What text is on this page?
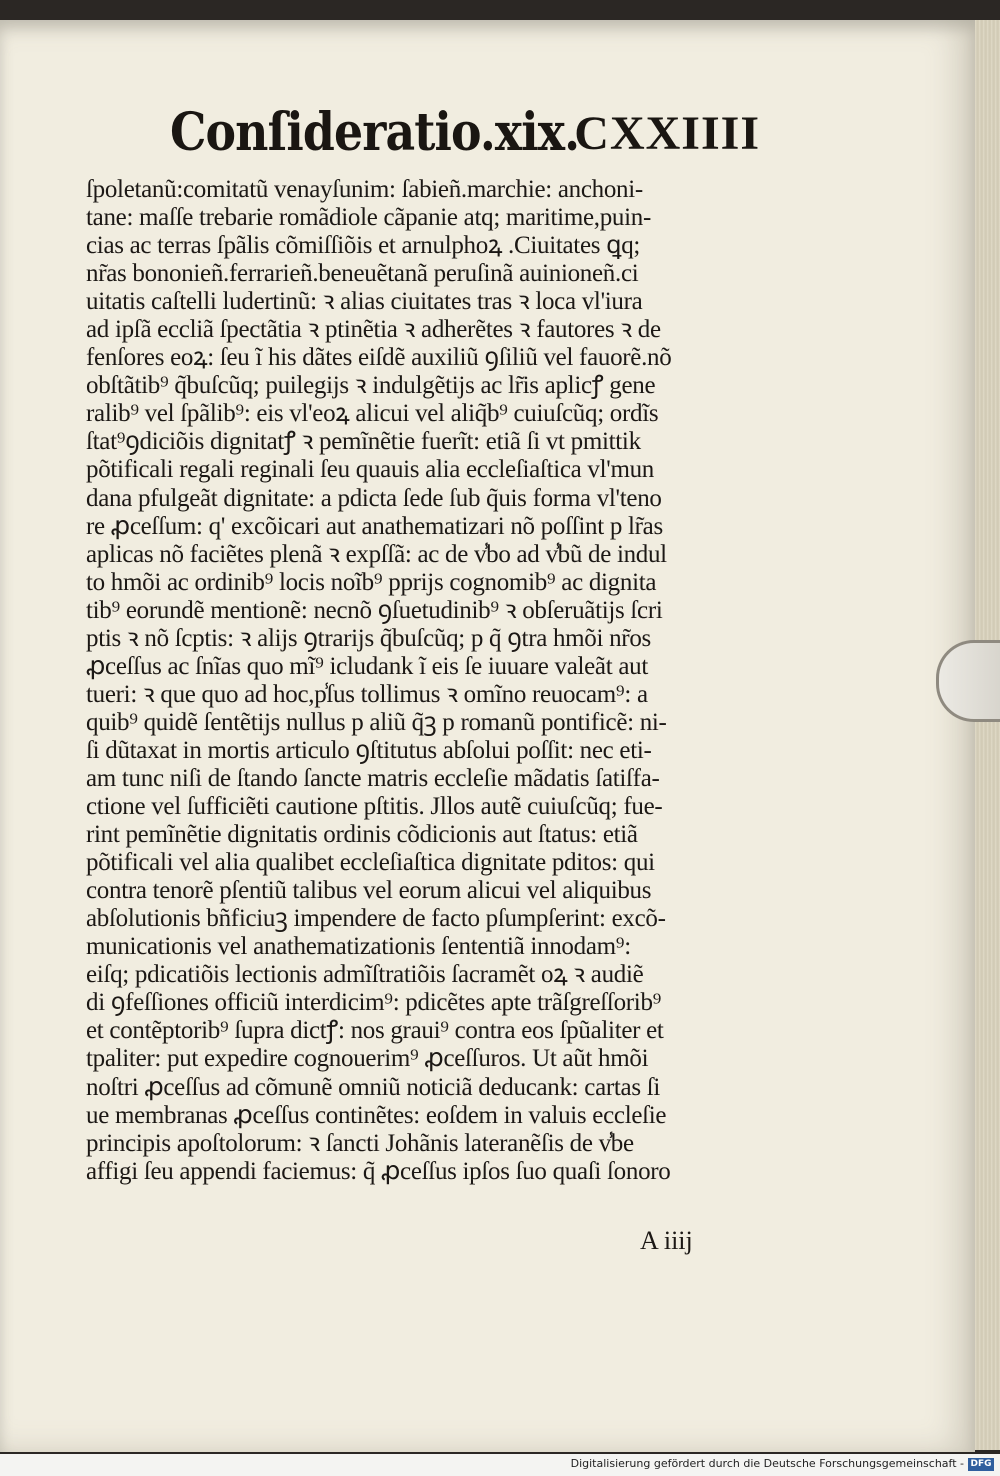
Conſideratio.xix.
CXXIIII
ſpoletanũ:comitatũ venayſunim: ſabieñ.marchie: anchoni-
tane: maſſe trebarie romãdiole cãpanie atq; maritime,puin-
cias ac terras ſpãlis cõmiſſiõis et arnulphoꝝ .Ciuitates ꝗq;
nr̃as bononieñ.ferrarieñ.beneuẽtanã peruſinã auinioneñ.ci
uitatis caſtelli ludertinũ: ꝛ alias ciuitates tras ꝛ loca vl'iura
ad ipſã eccliã ſpectãtia ꝛ ptinẽtia ꝛ adherẽtes ꝛ fautores ꝛ de
fenſores eoꝝ: ſeu ĩ his dãtes eiſdẽ auxiliũ ꝯſiliũ vel fauorẽ.nõ
obſtãtib⁹ q̃buſcũq; puilegijs ꝛ indulgẽtijs ac lr̃is aplicꝭ gene
ralib⁹ vel ſpãlib⁹: eis vl'eoꝝ alicui vel aliq̃b⁹ cuiuſcũq; ordĩs
ſtat⁹ꝯdiciõis dignitatꝭ ꝛ pemĩnẽtie fuerĩt: etiã ſi vt pmittik
põtificali regali reginali ſeu quauis alia eccleſiaſtica vl'mun
dana pfulgeãt dignitate: a pdicta ſede ſub q̃uis forma vl'teno
re ꝓceſſum: q' excõicari aut anathematizari nõ poſſint p lr̃as
aplicas nõ faciẽtes plenã ꝛ expſſã: ac de v̾bo ad v̾bũ de indul
to hmõi ac ordinib⁹ locis noĩb⁹ pprijs cognomib⁹ ac dignita
tib⁹ eorundẽ mentionẽ: necnõ ꝯſuetudinib⁹ ꝛ obſeruãtijs ſcri
ptis ꝛ nõ ſcptis: ꝛ alijs ꝯtrarijs q̃buſcũq; p q̃ ꝯtra hmõi nr̃os
ꝓceſſus ac ſnĩas quo mĩ⁹ icludank ĩ eis ſe iuuare valeãt aut
tueri: ꝛ que quo ad hoc,p̾ſus tollimus ꝛ omĩno reuocam⁹: a
quib⁹ quidẽ ſentẽtijs nullus p aliũ q̃ꝫ p romanũ pontificẽ: ni-
ſi dũtaxat in mortis articulo ꝯſtitutus abſolui poſſit: nec eti-
am tunc niſi de ſtando ſancte matris eccleſie mãdatis ſatiſfa-
ctione vel ſufficiẽti cautione pſtitis. Jllos autẽ cuiuſcũq; fue-
rint pemĩnẽtie dignitatis ordinis cõdicionis aut ſtatus: etiã
põtificali vel alia qualibet eccleſiaſtica dignitate pditos: qui
contra tenorẽ pſentiũ talibus vel eorum alicui vel aliquibus
abſolutionis bñficiuꝫ impendere de facto pſumpſerint: excõ-
municationis vel anathematizationis ſententiã innodam⁹:
eiſq; pdicatiõis lectionis admĩſtratiõis ſacramẽt oꝝ ꝛ audiẽ
di ꝯfeſſiones officiũ interdicim⁹: pdicẽtes apte trãſgreſſorib⁹
et contẽptorib⁹ ſupra dictꝭ: nos graui⁹ contra eos ſpũaliter et
tpaliter: put expedire cognouerim⁹ ꝓceſſuros. Ut aũt hmõi
noſtri ꝓceſſus ad cõmunẽ omniũ noticiã deducank: cartas ſi
ue membranas ꝓceſſus continẽtes: eoſdem in valuis eccleſie
principis apoſtolorum: ꝛ ſancti Johãnis lateranẽſis de v̾be
affigi ſeu appendi faciemus: q̃ ꝓceſſus ipſos ſuo quaſi ſonoro
A iiij
Digitalisierung gefördert durch die Deutsche Forschungsgemeinschaft - DFG
